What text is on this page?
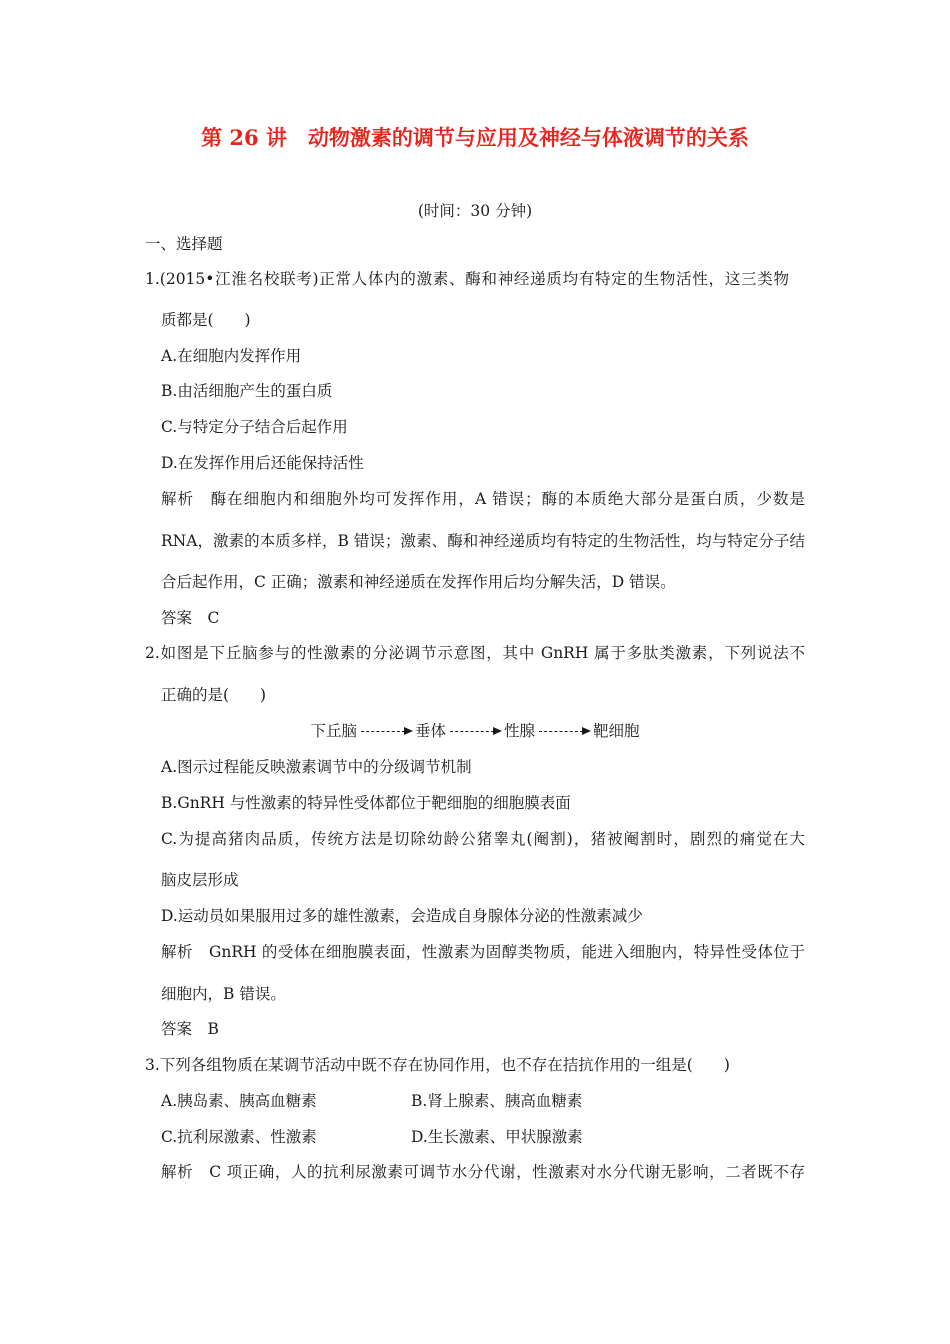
第 26 讲　动物激素的调节与应用及神经与体液调节的关系
(时间：30 分钟)
一、选择题
1.(2015•江淮名校联考)正常人体内的激素、酶和神经递质均有特定的生物活性，这三类物
质都是(　　)
A.在细胞内发挥作用
B.由活细胞产生的蛋白质
C.与特定分子结合后起作用
D.在发挥作用后还能保持活性
解析　酶在细胞内和细胞外均可发挥作用，A 错误；酶的本质绝大部分是蛋白质，少数是
RNA，激素的本质多样，B 错误；激素、酶和神经递质均有特定的生物活性，均与特定分子结
合后起作用，C 正确；激素和神经递质在发挥作用后均分解失活，D 错误。
答案　C
2.如图是下丘脑参与的性激素的分泌调节示意图，其中 GnRH 属于多肽类激素，下列说法不
正确的是(　　)
下丘脑	垂体	性腺	靶细胞
A.图示过程能反映激素调节中的分级调节机制
B.GnRH 与性激素的特异性受体都位于靶细胞的细胞膜表面
C.为提高猪肉品质，传统方法是切除幼龄公猪睾丸(阉割)，猪被阉割时，剧烈的痛觉在大
脑皮层形成
D.运动员如果服用过多的雄性激素，会造成自身腺体分泌的性激素减少
解析　GnRH 的受体在细胞膜表面，性激素为固醇类物质，能进入细胞内，特异性受体位于
细胞内，B 错误。
答案　B
3.下列各组物质在某调节活动中既不存在协同作用，也不存在拮抗作用的一组是(　　)
A.胰岛素、胰高血糖素	B.肾上腺素、胰高血糖素
C.抗利尿激素、性激素	D.生长激素、甲状腺激素
解析　C 项正确，人的抗利尿激素可调节水分代谢，性激素对水分代谢无影响，二者既不存
